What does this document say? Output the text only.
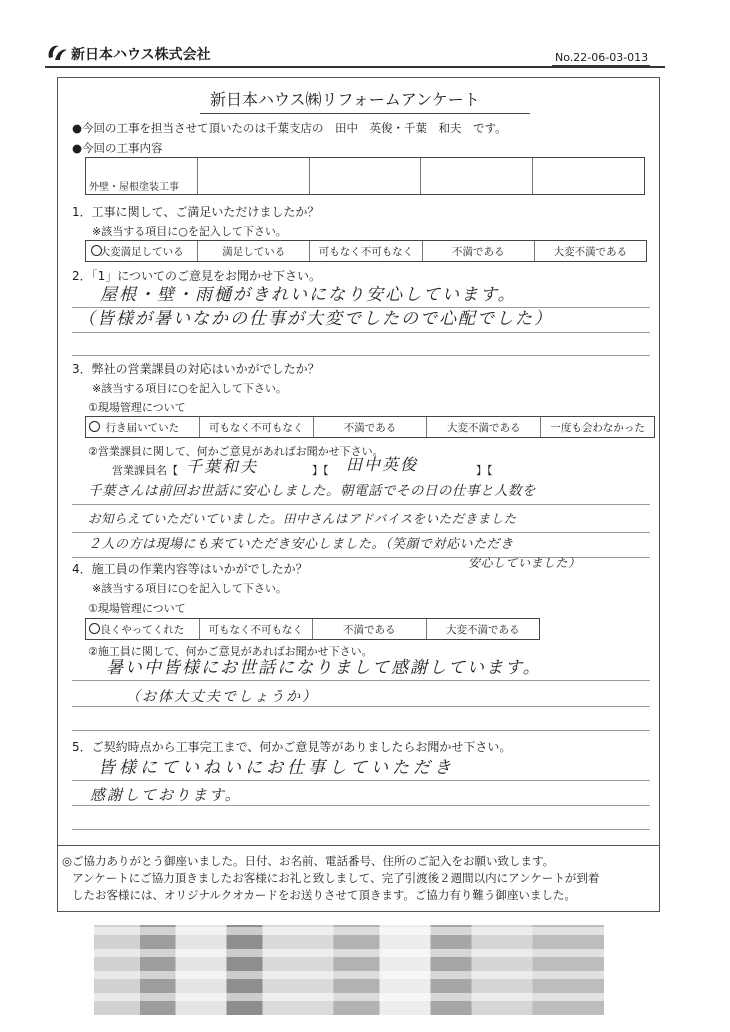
新日本ハウス株式会社	No.22-06-03-013
新日本ハウス㈱リフォームアンケート
●今回の工事を担当させて頂いたのは千葉支店の　田中　英俊・千葉　和夫　です。
●今回の工事内容
外壁・屋根塗装工事
1．工事に関して、ご満足いただけましたか？
※該当する項目に○を記入して下さい。
大変満足している	満足している	可もなく不可もなく	不満である	大変不満である
2．「1」についてのご意見をお聞かせ下さい。
屋根・壁・雨樋がきれいになり安心しています。
（皆様が暑いなかの仕事が大変でしたので心配でした）
3．弊社の営業課員の対応はいかがでしたか？
※該当する項目に○を記入して下さい。
①現場管理について
行き届いていた	可もなく不可もなく	不満である	大変不満である	一度も会わなかった
②営業課員に関して、何かご意見があればお聞かせ下さい。
営業課員名【 千葉和夫	】【 田中英俊	】【
千葉さんは前回お世話に安心しました。朝電話でその日の仕事と人数を
お知らえていただいていました。田中さんはアドバイスをいただきました
２人の方は現場にも来ていただき安心しました。（笑顔で対応いただき
安心していました）
4．施工員の作業内容等はいかがでしたか？
※該当する項目に○を記入して下さい。
①現場管理について
良くやってくれた	可もなく不可もなく	不満である	大変不満である
②施工員に関して、何かご意見があればお聞かせ下さい。
暑い中皆様にお世話になりまして感謝しています。
（お体大丈夫でしょうか）
5．ご契約時点から工事完工まで、何かご意見等がありましたらお聞かせ下さい。
皆様にていねいにお仕事していただき
感謝しております。
◎ご協力ありがとう御座いました。日付、お名前、電話番号、住所のご記入をお願い致します。
アンケートにご協力頂きましたお客様にお礼と致しまして、完了引渡後２週間以内にアンケートが到着
したお客様には、オリジナルクオカードをお送りさせて頂きます。ご協力有り難う御座いました。
